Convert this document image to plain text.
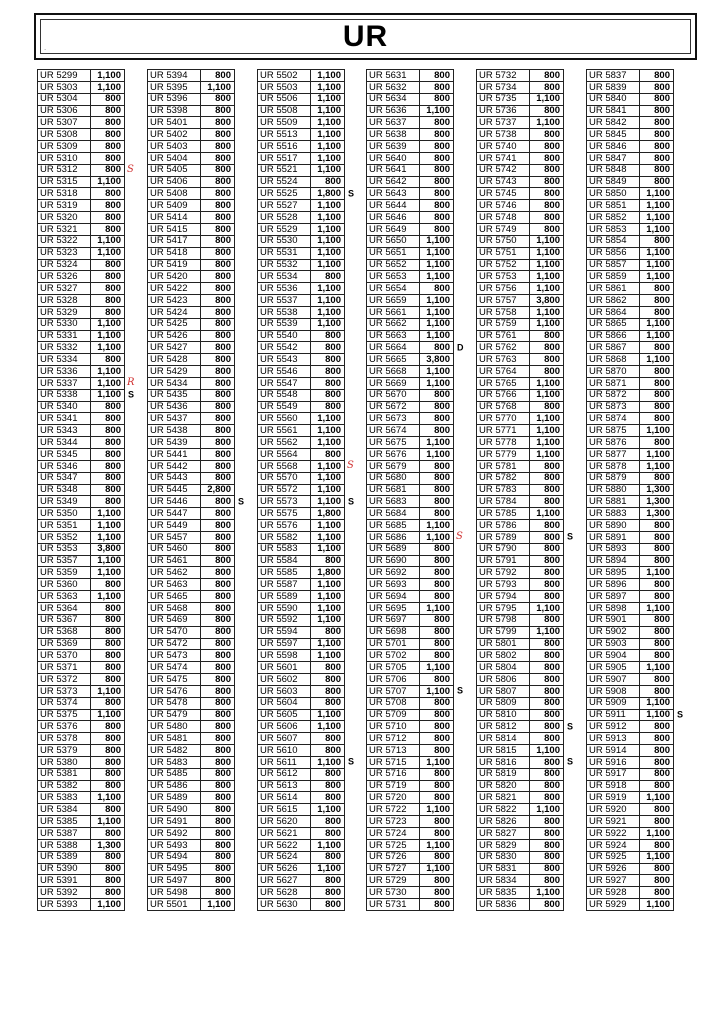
UR
.
UR 5299	1,100
UR 5303	1,100
UR 5304	800
UR 5306	800
UR 5307	800
UR 5308	800
UR 5309	800
UR 5310	800
UR 5312	800 S
UR 5315	1,100
UR 5318	800
UR 5319	800
UR 5320	800
UR 5321	800
UR 5322	1,100
UR 5323	1,100
UR 5324	800
UR 5326	800
UR 5327	800
UR 5328	800
UR 5329	800
UR 5330	1,100
UR 5331	1,100
UR 5332	1,100
UR 5334	800
UR 5336	1,100
UR 5337	1,100 R
UR 5338	1,100 S
UR 5340	800
UR 5341	800
UR 5343	800
UR 5344	800
UR 5345	800
UR 5346	800
UR 5347	800
UR 5348	800
UR 5349	800
UR 5350	1,100
UR 5351	1,100
UR 5352	1,100
UR 5353	3,800
UR 5357	1,100
UR 5359	1,100
UR 5360	800
UR 5363	1,100
UR 5364	800
UR 5367	800
UR 5368	800
UR 5369	800
UR 5370	800
UR 5371	800
UR 5372	800
UR 5373	1,100
UR 5374	800
UR 5375	1,100
UR 5376	800
UR 5378	800
UR 5379	800
UR 5380	800
UR 5381	800
UR 5382	800
UR 5383	1,100
UR 5384	800
UR 5385	1,100
UR 5387	800
UR 5388	1,300
UR 5389	800
UR 5390	800
UR 5391	800
UR 5392	800
UR 5393	1,100
UR 5394	800
UR 5395	1,100
UR 5396	800
UR 5398	800
UR 5401	800
UR 5402	800
UR 5403	800
UR 5404	800
UR 5405	800
UR 5406	800
UR 5408	800
UR 5409	800
UR 5414	800
UR 5415	800
UR 5417	800
UR 5418	800
UR 5419	800
UR 5420	800
UR 5422	800
UR 5423	800
UR 5424	800
UR 5425	800
UR 5426	800
UR 5427	800
UR 5428	800
UR 5429	800
UR 5434	800
UR 5435	800
UR 5436	800
UR 5437	800
UR 5438	800
UR 5439	800
UR 5441	800
UR 5442	800
UR 5443	800
UR 5445	2,800
UR 5446	800 S
UR 5447	800
UR 5449	800
UR 5457	800
UR 5460	800
UR 5461	800
UR 5462	800
UR 5463	800
UR 5465	800
UR 5468	800
UR 5469	800
UR 5470	800
UR 5472	800
UR 5473	800
UR 5474	800
UR 5475	800
UR 5476	800
UR 5478	800
UR 5479	800
UR 5480	800
UR 5481	800
UR 5482	800
UR 5483	800
UR 5485	800
UR 5486	800
UR 5489	800
UR 5490	800
UR 5491	800
UR 5492	800
UR 5493	800
UR 5494	800
UR 5495	800
UR 5497	800
UR 5498	800
UR 5501	1,100
UR 5502	1,100
UR 5503	1,100
UR 5506	1,100
UR 5508	1,100
UR 5509	1,100
UR 5513	1,100
UR 5516	1,100
UR 5517	1,100
UR 5521	1,100
UR 5524	800
UR 5525	1,800 S
UR 5527	1,100
UR 5528	1,100
UR 5529	1,100
UR 5530	1,100
UR 5531	1,100
UR 5532	1,100
UR 5534	800
UR 5536	1,100
UR 5537	1,100
UR 5538	1,100
UR 5539	1,100
UR 5540	800
UR 5542	800
UR 5543	800
UR 5546	800
UR 5547	800
UR 5548	800
UR 5549	800
UR 5560	1,100
UR 5561	1,100
UR 5562	1,100
UR 5564	800
UR 5568	1,100 S
UR 5570	1,100
UR 5572	1,100
UR 5573	1,100 S
UR 5575	1,800
UR 5576	1,100
UR 5582	1,100
UR 5583	1,100
UR 5584	800
UR 5585	1,800
UR 5587	1,100
UR 5589	1,100
UR 5590	1,100
UR 5592	1,100
UR 5594	800
UR 5597	1,100
UR 5598	1,100
UR 5601	800
UR 5602	800
UR 5603	800
UR 5604	800
UR 5605	1,100
UR 5606	1,100
UR 5607	800
UR 5610	800
UR 5611	1,100 S
UR 5612	800
UR 5613	800
UR 5614	800
UR 5615	1,100
UR 5620	800
UR 5621	800
UR 5622	1,100
UR 5624	800
UR 5626	1,100
UR 5627	800
UR 5628	800
UR 5630	800
UR 5631	800
UR 5632	800
UR 5634	800
UR 5636	1,100
UR 5637	800
UR 5638	800
UR 5639	800
UR 5640	800
UR 5641	800
UR 5642	800
UR 5643	800
UR 5644	800
UR 5646	800
UR 5649	800
UR 5650	1,100
UR 5651	1,100
UR 5652	1,100
UR 5653	1,100
UR 5654	800
UR 5659	1,100
UR 5661	1,100
UR 5662	1,100
UR 5663	1,100
UR 5664	800 D
UR 5665	3,800
UR 5668	1,100
UR 5669	1,100
UR 5670	800
UR 5672	800
UR 5673	800
UR 5674	800
UR 5675	1,100
UR 5676	1,100
UR 5679	800
UR 5680	800
UR 5681	800
UR 5683	800
UR 5684	800
UR 5685	1,100
UR 5686	1,100 S
UR 5689	800
UR 5690	800
UR 5692	800
UR 5693	800
UR 5694	800
UR 5695	1,100
UR 5697	800
UR 5698	800
UR 5701	800
UR 5702	800
UR 5705	1,100
UR 5706	800
UR 5707	1,100 S
UR 5708	800
UR 5709	800
UR 5710	800
UR 5712	800
UR 5713	800
UR 5715	1,100
UR 5716	800
UR 5719	800
UR 5720	800
UR 5722	1,100
UR 5723	800
UR 5724	800
UR 5725	1,100
UR 5726	800
UR 5727	1,100
UR 5729	800
UR 5730	800
UR 5731	800
UR 5732	800
UR 5734	800
UR 5735	1,100
UR 5736	800
UR 5737	1,100
UR 5738	800
UR 5740	800
UR 5741	800
UR 5742	800
UR 5743	800
UR 5745	800
UR 5746	800
UR 5748	800
UR 5749	800
UR 5750	1,100
UR 5751	1,100
UR 5752	1,100
UR 5753	1,100
UR 5756	1,100
UR 5757	3,800
UR 5758	1,100
UR 5759	1,100
UR 5761	800
UR 5762	800
UR 5763	800
UR 5764	800
UR 5765	1,100
UR 5766	1,100
UR 5768	800
UR 5770	1,100
UR 5771	1,100
UR 5778	1,100
UR 5779	1,100
UR 5781	800
UR 5782	800
UR 5783	800
UR 5784	800
UR 5785	1,100
UR 5786	800
UR 5789	800 S
UR 5790	800
UR 5791	800
UR 5792	800
UR 5793	800
UR 5794	800
UR 5795	1,100
UR 5798	800
UR 5799	1,100
UR 5801	800
UR 5802	800
UR 5804	800
UR 5806	800
UR 5807	800
UR 5809	800
UR 5810	800
UR 5812	800 S
UR 5814	800
UR 5815	1,100
UR 5816	800 S
UR 5819	800
UR 5820	800
UR 5821	800
UR 5822	1,100
UR 5826	800
UR 5827	800
UR 5829	800
UR 5830	800
UR 5831	800
UR 5834	800
UR 5835	1,100
UR 5836	800
UR 5837	800
UR 5839	800
UR 5840	800
UR 5841	800
UR 5842	800
UR 5845	800
UR 5846	800
UR 5847	800
UR 5848	800
UR 5849	800
UR 5850	1,100
UR 5851	1,100
UR 5852	1,100
UR 5853	1,100
UR 5854	800
UR 5856	1,100
UR 5857	1,100
UR 5859	1,100
UR 5861	800
UR 5862	800
UR 5864	800
UR 5865	1,100
UR 5866	1,100
UR 5867	800
UR 5868	1,100
UR 5870	800
UR 5871	800
UR 5872	800
UR 5873	800
UR 5874	800
UR 5875	1,100
UR 5876	800
UR 5877	1,100
UR 5878	1,100
UR 5879	800
UR 5880	1,300
UR 5881	1,300
UR 5883	1,300
UR 5890	800
UR 5891	800
UR 5893	800
UR 5894	800
UR 5895	1,100
UR 5896	800
UR 5897	800
UR 5898	1,100
UR 5901	800
UR 5902	800
UR 5903	800
UR 5904	800
UR 5905	1,100
UR 5907	800
UR 5908	800
UR 5909	1,100
UR 5911	1,100 S
UR 5912	800
UR 5913	800
UR 5914	800
UR 5916	800
UR 5917	800
UR 5918	800
UR 5919	1,100
UR 5920	800
UR 5921	800
UR 5922	1,100
UR 5924	800
UR 5925	1,100
UR 5926	800
UR 5927	800
UR 5928	800
UR 5929	1,100
